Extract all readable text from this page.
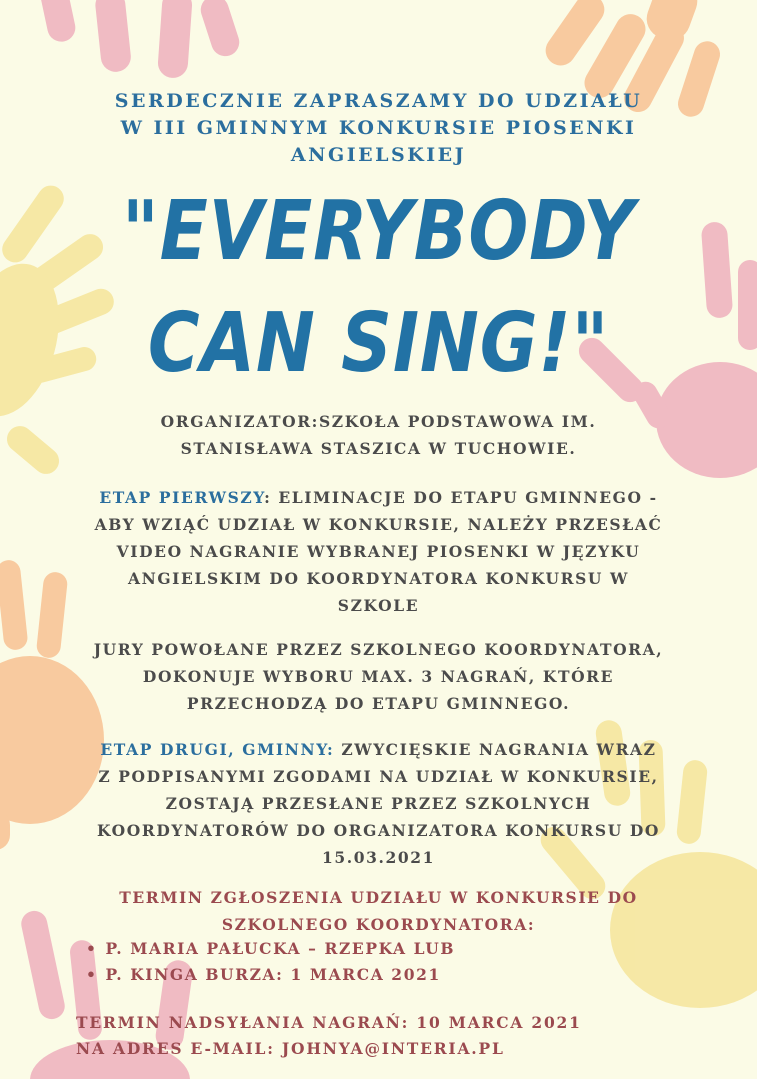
SERDECZNIE ZAPRASZAMY DO UDZIAŁU
W III GMINNYM KONKURSIE PIOSENKI
ANGIELSKIEJ
"EVERYBODY
CAN SING!"
ORGANIZATOR:SZKOŁA PODSTAWOWA IM.
STANISŁAWA STASZICA W TUCHOWIE.
ETAP PIERWSZY: ELIMINACJE DO ETAPU GMINNEGO -
ABY WZIĄĆ UDZIAŁ W KONKURSIE, NALEŻY PRZESŁAĆ
VIDEO NAGRANIE WYBRANEJ PIOSENKI W JĘZYKU
ANGIELSKIM DO KOORDYNATORA KONKURSU W
SZKOLE
JURY POWOŁANE PRZEZ SZKOLNEGO KOORDYNATORA,
DOKONUJE WYBORU MAX. 3 NAGRAŃ, KTÓRE
PRZECHODZĄ DO ETAPU GMINNEGO.
ETAP DRUGI, GMINNY: ZWYCIĘSKIE NAGRANIA WRAZ
Z PODPISANYMI ZGODAMI NA UDZIAŁ W KONKURSIE,
ZOSTAJĄ PRZESŁANE PRZEZ SZKOLNYCH
KOORDYNATORÓW DO ORGANIZATORA KONKURSU DO
15.03.2021
TERMIN ZGŁOSZENIA UDZIAŁU W KONKURSIE DO
SZKOLNEGO KOORDYNATORA:
• P. MARIA PAŁUCKA – RZEPKA LUB
• P. KINGA BURZA: 1 MARCA 2021
TERMIN NADSYŁANIA NAGRAŃ: 10 MARCA 2021
NA ADRES E-MAIL: JOHNYA@INTERIA.PL
